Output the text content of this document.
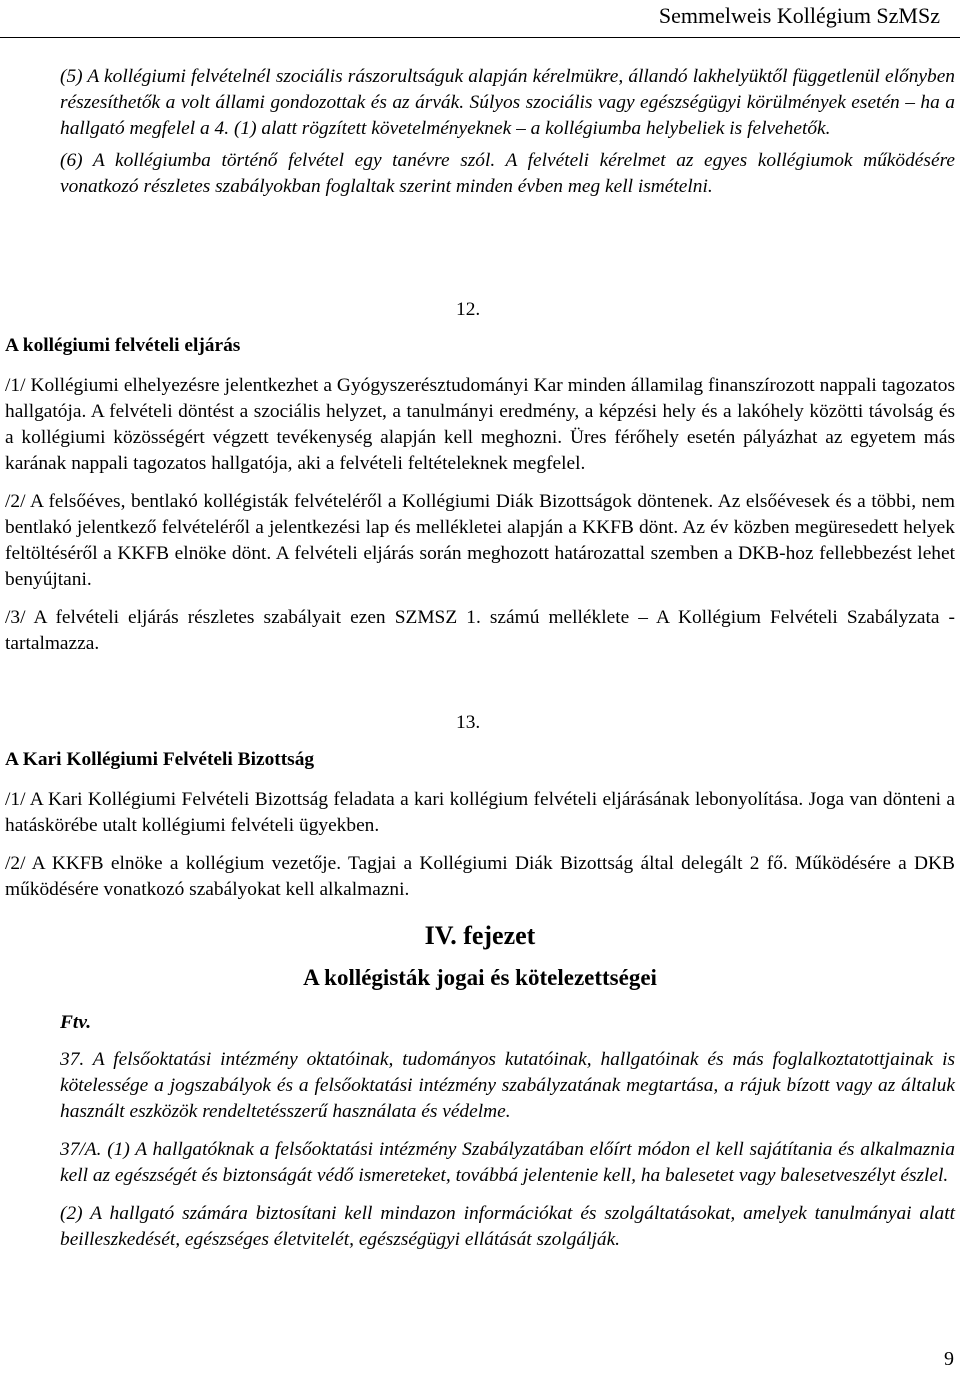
Semmelweis Kollégium SzMSz

(5) A kollégiumi felvételnél szociális rászorultságuk alapján kérelmükre, állandó lakhelyüktől függetlenül előnyben részesíthetők a volt állami gondozottak és az árvák. Súlyos szociális vagy egészségügyi körülmények esetén – ha a hallgató megfelel a 4. (1) alatt rögzített követelményeknek – a kollégiumba helybeliek is felvehetők.

(6) A kollégiumba történő felvétel egy tanévre szól. A felvételi kérelmet az egyes kollégiumok működésére vonatkozó részletes szabályokban foglaltak szerint minden évben meg kell ismételni.

12.

A kollégiumi felvételi eljárás

/1/ Kollégiumi elhelyezésre jelentkezhet a Gyógyszerésztudományi Kar minden államilag finanszírozott nappali tagozatos hallgatója. A felvételi döntést a szociális helyzet, a tanulmányi eredmény, a képzési hely és a lakóhely közötti távolság és a kollégiumi közösségért végzett tevékenység alapján kell meghozni. Üres férőhely esetén pályázhat az egyetem más karának nappali tagozatos hallgatója, aki a felvételi feltételeknek megfelel.

/2/ A felsőéves, bentlakó kollégisták felvételéről a Kollégiumi Diák Bizottságok döntenek. Az elsőévesek és a többi, nem bentlakó jelentkező felvételéről a jelentkezési lap és mellékletei alapján a KKFB dönt. Az év közben megüresedett helyek feltöltéséről a KKFB elnöke dönt. A felvételi eljárás során meghozott határozattal szemben a DKB-hoz fellebbezést lehet benyújtani.

/3/ A felvételi eljárás részletes szabályait ezen SZMSZ 1. számú melléklete – A Kollégium Felvételi Szabályzata - tartalmazza.

13.

A Kari Kollégiumi Felvételi Bizottság

/1/ A Kari Kollégiumi Felvételi Bizottság feladata a kari kollégium felvételi eljárásának lebonyolítása. Joga van dönteni a hatáskörébe utalt kollégiumi felvételi ügyekben.

/2/ A KKFB elnöke a kollégium vezetője. Tagjai a Kollégiumi Diák Bizottság által delegált 2 fő. Működésére a DKB működésére vonatkozó szabályokat kell alkalmazni.

IV. fejezet

A kollégisták jogai és kötelezettségei

Ftv.

37. A felsőoktatási intézmény oktatóinak, tudományos kutatóinak, hallgatóinak és más foglalkoztatottjainak is kötelessége a jogszabályok és a felsőoktatási intézmény szabályzatának megtartása, a rájuk bízott vagy az általuk használt eszközök rendeltetésszerű használata és védelme.

37/A. (1) A hallgatóknak a felsőoktatási intézmény Szabályzatában előírt módon el kell sajátítania és alkalmaznia kell az egészségét és biztonságát védő ismereteket, továbbá jelentenie kell, ha balesetet vagy balesetveszélyt észlel.

(2) A hallgató számára biztosítani kell mindazon információkat és szolgáltatásokat, amelyek tanulmányai alatt beilleszkedését, egészséges életvitelét, egészségügyi ellátását szolgálják.

9
